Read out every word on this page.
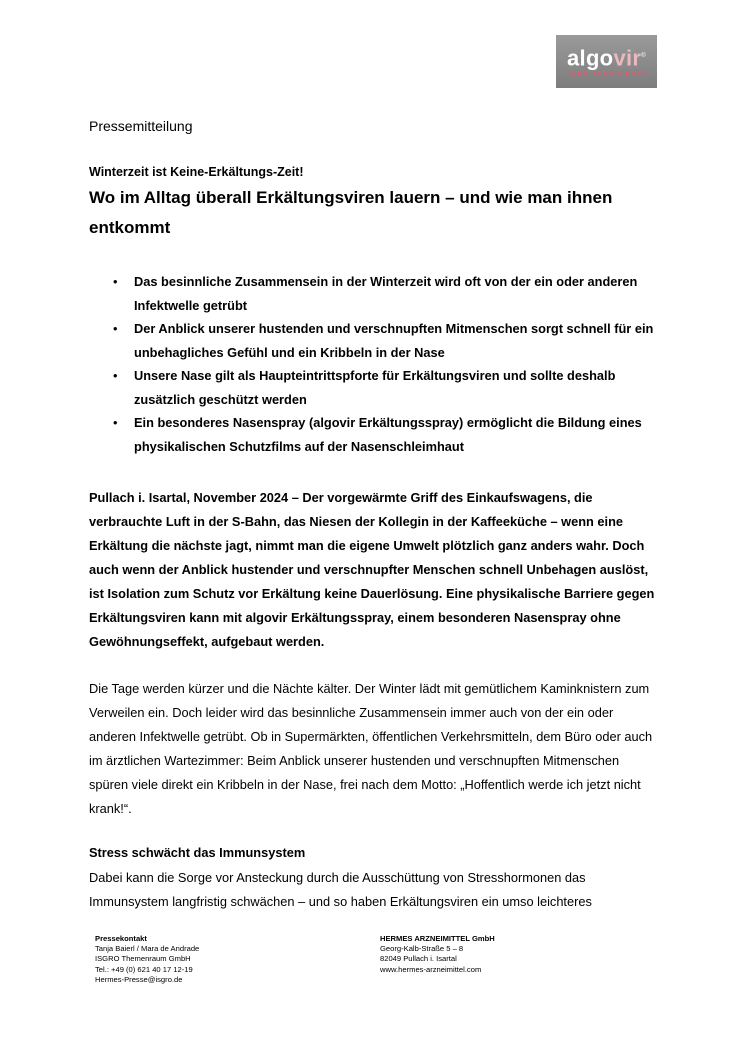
algovir®
ERKÄLTUNGSSPRAY
Pressemitteilung
Winterzeit ist Keine-Erkältungs-Zeit!
Wo im Alltag überall Erkältungsviren lauern – und wie man ihnen entkommt
• Das besinnliche Zusammensein in der Winterzeit wird oft von der ein oder anderen Infektwelle getrübt
• Der Anblick unserer hustenden und verschnupften Mitmenschen sorgt schnell für ein unbehagliches Gefühl und ein Kribbeln in der Nase
• Unsere Nase gilt als Haupteintrittspforte für Erkältungsviren und sollte deshalb zusätzlich geschützt werden
• Ein besonderes Nasenspray (algovir Erkältungsspray) ermöglicht die Bildung eines physikalischen Schutzfilms auf der Nasenschleimhaut

Pullach i. Isartal, November 2024 – Der vorgewärmte Griff des Einkaufswagens, die verbrauchte Luft in der S-Bahn, das Niesen der Kollegin in der Kaffeeküche – wenn eine Erkältung die nächste jagt, nimmt man die eigene Umwelt plötzlich ganz anders wahr. Doch auch wenn der Anblick hustender und verschnupfter Menschen schnell Unbehagen auslöst, ist Isolation zum Schutz vor Erkältung keine Dauerlösung. Eine physikalische Barriere gegen Erkältungsviren kann mit algovir Erkältungsspray, einem besonderen Nasenspray ohne Gewöhnungseffekt, aufgebaut werden.

Die Tage werden kürzer und die Nächte kälter. Der Winter lädt mit gemütlichem Kaminknistern zum Verweilen ein. Doch leider wird das besinnliche Zusammensein immer auch von der ein oder anderen Infektwelle getrübt. Ob in Supermärkten, öffentlichen Verkehrsmitteln, dem Büro oder auch im ärztlichen Wartezimmer: Beim Anblick unserer hustenden und verschnupften Mitmenschen spüren viele direkt ein Kribbeln in der Nase, frei nach dem Motto: „Hoffentlich werde ich jetzt nicht krank!“.

Stress schwächt das Immunsystem

Dabei kann die Sorge vor Ansteckung durch die Ausschüttung von Stresshormonen das Immunsystem langfristig schwächen – und so haben Erkältungsviren ein umso leichteres

Pressekontakt
Tanja Baierl / Mara de Andrade
ISGRO Themenraum GmbH
Tel.: +49 (0) 621 40 17 12-19
Hermes-Presse@isgro.de
HERMES ARZNEIMITTEL GmbH
Georg-Kalb-Straße 5 – 8
82049 Pullach i. Isartal
www.hermes-arzneimittel.com
